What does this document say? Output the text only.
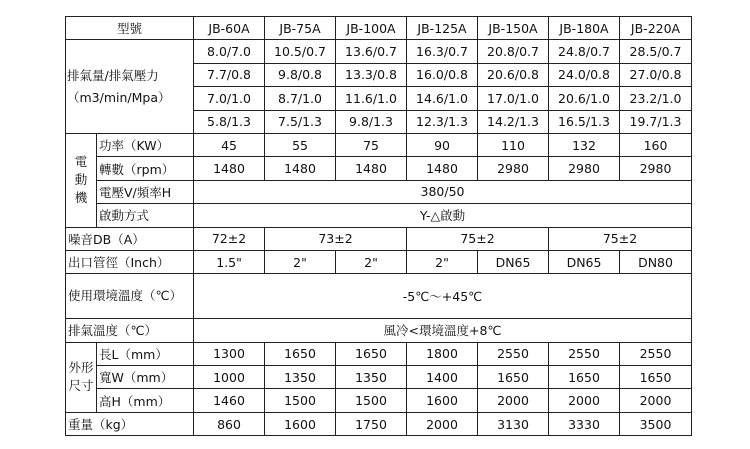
型號		JB-60A	JB-75A	JB-100A	JB-125A	JB-150A	JB-180A	JB-220A

排氣量/排氣壓力
（m3/min/Mpa）		8.0/7.0	10.5/0.7	13.6/0.7	16.3/0.7	20.8/0.7	24.8/0.7	28.5/0.7
		7.7/0.8	9.8/0.8	13.3/0.8	16.0/0.8	20.6/0.8	24.0/0.8	27.0/0.8
		7.0/1.0	8.7/1.0	11.6/1.0	14.6/1.0	17.0/1.0	20.6/1.0	23.2/1.0
		5.8/1.3	7.5/1.3	9.8/1.3	12.3/1.3	14.2/1.3	16.5/1.3	19.7/1.3

電
動
機	功率（KW）	45	55	75	90	110	132	160
	轉數（rpm）	1480	1480	1480	1480	2980	2980	2980
	電壓V/頻率H	380/50						
	啟動方式	Y-△啟動						
噪音DB（A）		72±2	73±2		75±2		75±2	
出口管徑（Inch）		1.5"	2"	2"	2"	DN65	DN65	DN80
使用環境溫度（℃）		-5℃～+45℃						
排氣溫度（℃）		風冷<環境溫度+8℃						
外形尺寸	長L（mm）	1300	1650	1650	1800	2550	2550	2550
	寬W（mm）	1000	1350	1350	1400	1650	1650	1650
	高H（mm）	1460	1500	1500	1600	2000	2000	2000
重量（kg）		860	1600	1750	2000	3130	3330	3500
